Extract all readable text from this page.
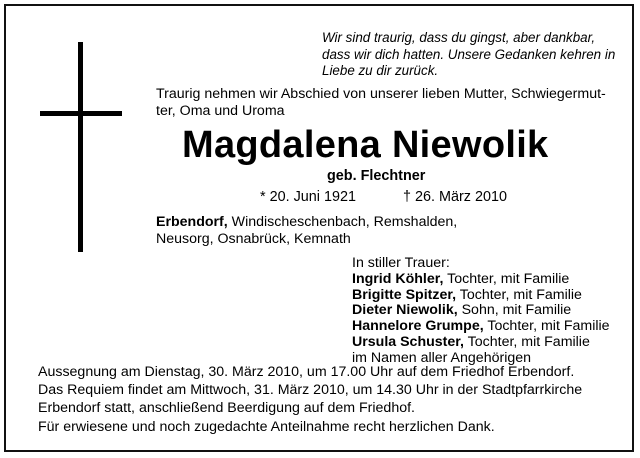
Wir sind traurig, dass du gingst, aber dankbar,
dass wir dich hatten. Unsere Gedanken kehren in
Liebe zu dir zurück.
Traurig nehmen wir Abschied von unserer lieben Mutter, Schwiegermut-
ter, Oma und Uroma
Magdalena Niewolik
geb. Flechtner
* 20. Juni 1921	† 26. März 2010
Erbendorf, Windischeschenbach, Remshalden,
Neusorg, Osnabrück, Kemnath
In stiller Trauer:
Ingrid Köhler, Tochter, mit Familie
Brigitte Spitzer, Tochter, mit Familie
Dieter Niewolik, Sohn, mit Familie
Hannelore Grumpe, Tochter, mit Familie
Ursula Schuster, Tochter, mit Familie
im Namen aller Angehörigen
Aussegnung am Dienstag, 30. März 2010, um 17.00 Uhr auf dem Friedhof Erbendorf.
Das Requiem findet am Mittwoch, 31. März 2010, um 14.30 Uhr in der Stadtpfarrkirche
Erbendorf statt, anschließend Beerdigung auf dem Friedhof.
Für erwiesene und noch zugedachte Anteilnahme recht herzlichen Dank.
